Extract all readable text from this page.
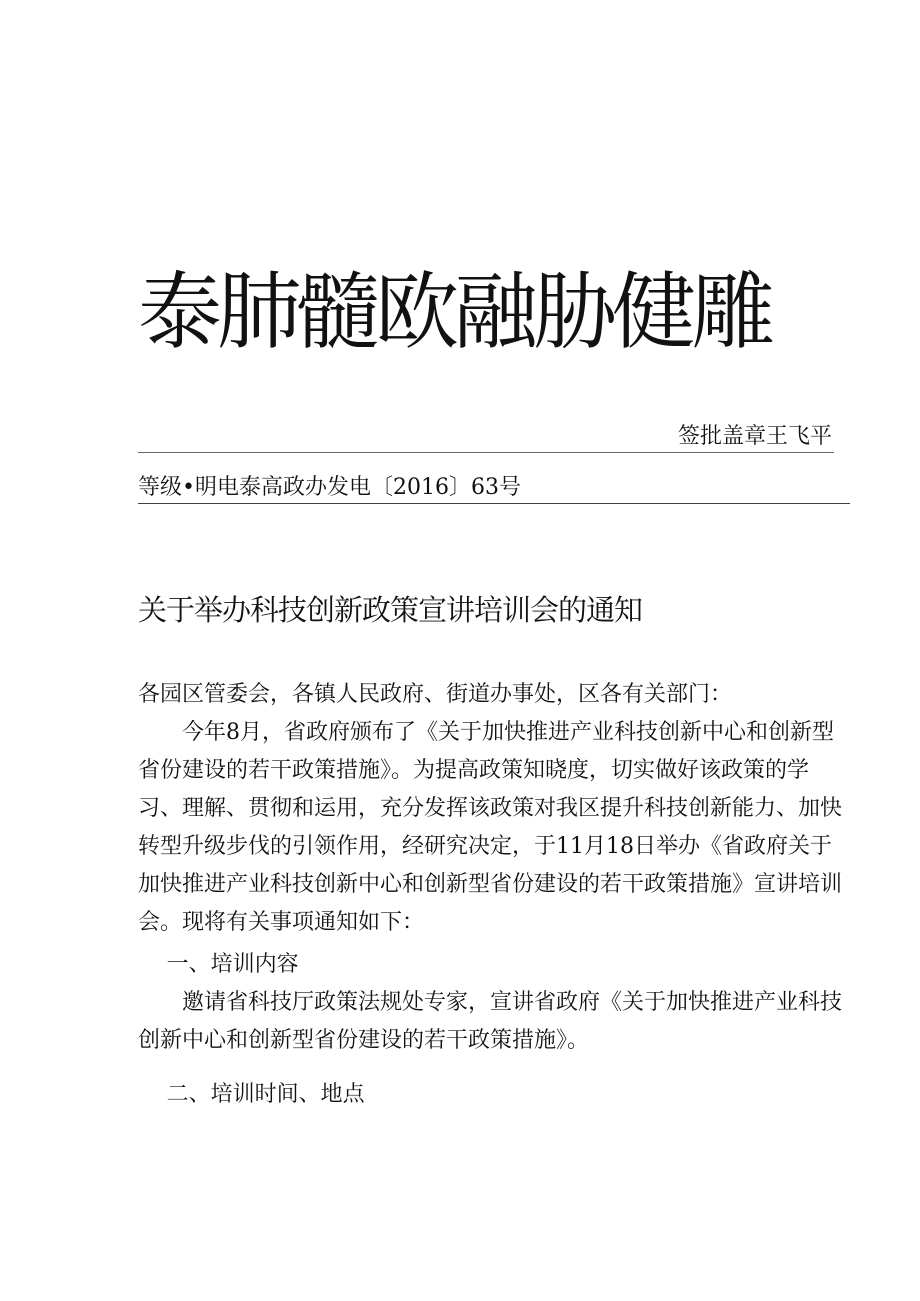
泰肺髓欧融胁健雕
签批盖章王飞平
等级•明电泰高政办发电〔2016〕63号
关于举办科技创新政策宣讲培训会的通知

各园区管委会，各镇人民政府、街道办事处，区各有关部门：

今年8月，省政府颁布了《关于加快推进产业科技创新中心和创新型省份建设的若干政策措施》。为提高政策知晓度，切实做好该政策的学习、理解、贯彻和运用，充分发挥该政策对我区提升科技创新能力、加快转型升级步伐的引领作用，经研究决定，于11月18日举办《省政府关于加快推进产业科技创新中心和创新型省份建设的若干政策措施》宣讲培训会。现将有关事项通知如下：

一、培训内容

邀请省科技厅政策法规处专家，宣讲省政府《关于加快推进产业科技创新中心和创新型省份建设的若干政策措施》。

二、培训时间、地点
